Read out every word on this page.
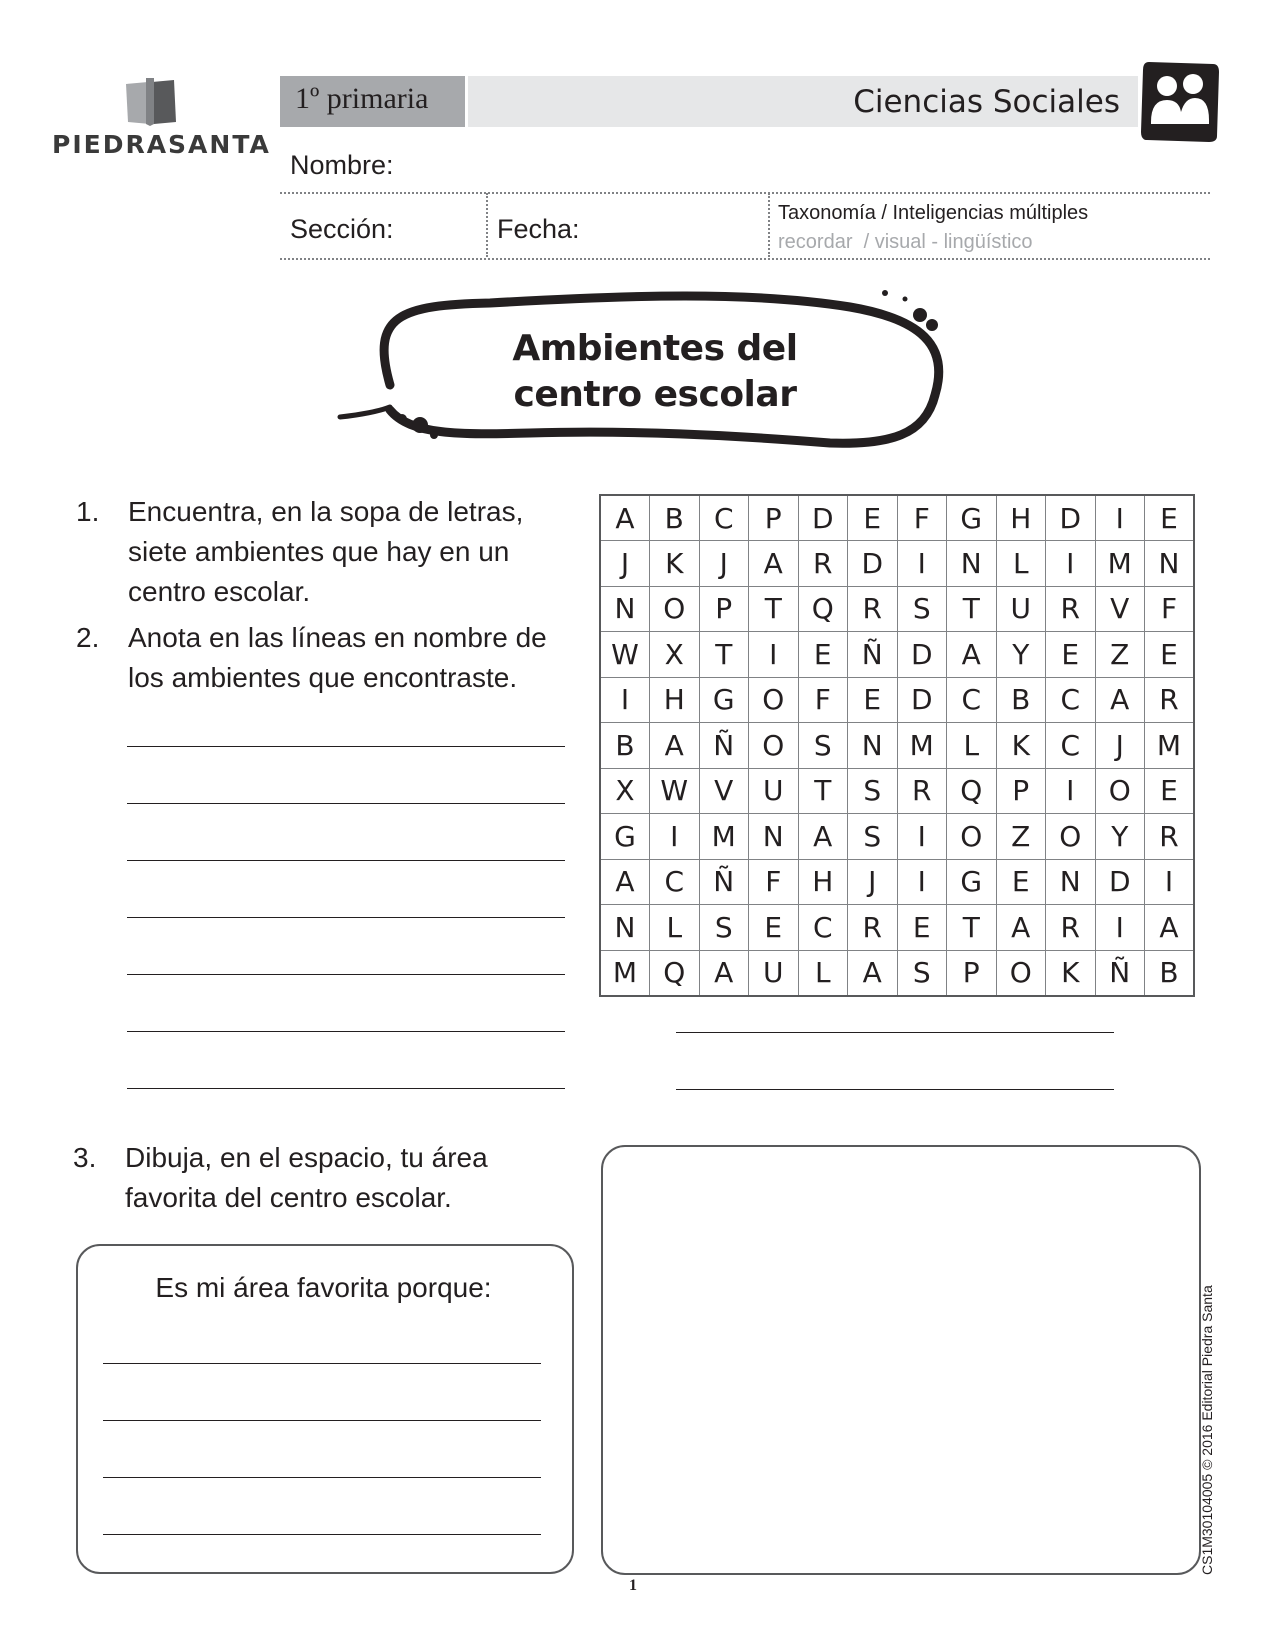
PIEDRASANTA
1º primaria	Ciencias Sociales
Nombre:
Sección:	Fecha:
Taxonomía / Inteligencias múltiples
recordar  / visual - lingüístico
Ambientes del
centro escolar
1. Encuentra, en la sopa de letras,
siete ambientes que hay en un
centro escolar.
2. Anota en las líneas en nombre de
los ambientes que encontraste.
A	B	C	P	D	E	F	G	H	D	I	E
J	K	J	A	R	D	I	N	L	I	M	N
N	O	P	T	Q	R	S	T	U	R	V	F
W	X	T	I	E	Ñ	D	A	Y	E	Z	E
I	H	G	O	F	E	D	C	B	C	A	R
B	A	Ñ	O	S	N	M	L	K	C	J	M
X	W	V	U	T	S	R	Q	P	I	O	E
G	I	M	N	A	S	I	O	Z	O	Y	R
A	C	Ñ	F	H	J	I	G	E	N	D	I
N	L	S	E	C	R	E	T	A	R	I	A
M	Q	A	U	L	A	S	P	O	K	Ñ	B
3. Dibuja, en el espacio, tu área
favorita del centro escolar.
Es mi área favorita porque:	CS1M30104005 © 2016 Editorial Piedra Santa
1
